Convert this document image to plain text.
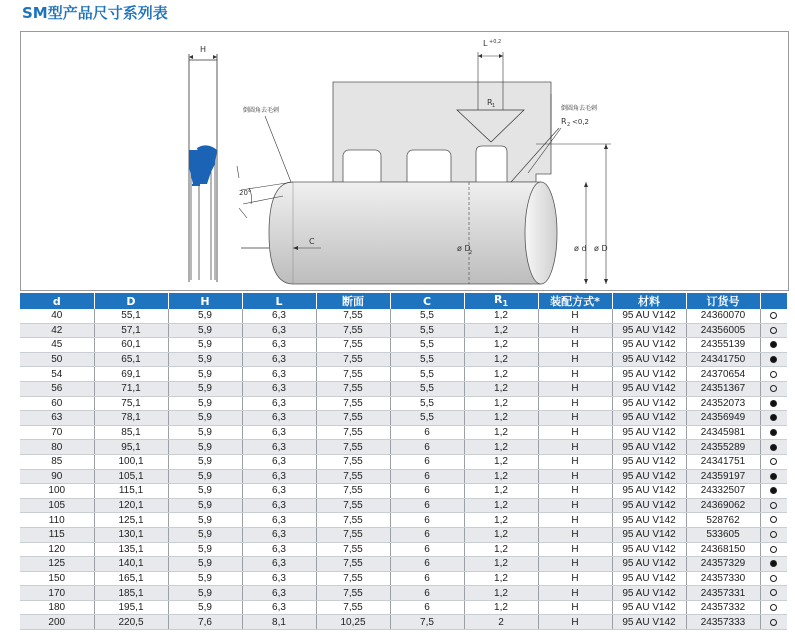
SM型产品尺寸系列表
H
L +0,2
R 1	倒圆角去毛刺
R 2 <0,2
倒圆角去毛刺
20°
C
ø D
2	ø d ø D
d	D	H	L	断面	C	$R_1$	装配方式*	材料	订货号	
40	55,1	5,9	6,3	7,55	5,5	1,2	H	95 AU V142	24360070	
42	57,1	5,9	6,3	7,55	5,5	1,2	H	95 AU V142	24356005	
45	60,1	5,9	6,3	7,55	5,5	1,2	H	95 AU V142	24355139	
50	65,1	5,9	6,3	7,55	5,5	1,2	H	95 AU V142	24341750	
54	69,1	5,9	6,3	7,55	5,5	1,2	H	95 AU V142	24370654	
56	71,1	5,9	6,3	7,55	5,5	1,2	H	95 AU V142	24351367	
60	75,1	5,9	6,3	7,55	5,5	1,2	H	95 AU V142	24352073	
63	78,1	5,9	6,3	7,55	5,5	1,2	H	95 AU V142	24356949	
70	85,1	5,9	6,3	7,55	6	1,2	H	95 AU V142	24345981	
80	95,1	5,9	6,3	7,55	6	1,2	H	95 AU V142	24355289	
85	100,1	5,9	6,3	7,55	6	1,2	H	95 AU V142	24341751	
90	105,1	5,9	6,3	7,55	6	1,2	H	95 AU V142	24359197	
100	115,1	5,9	6,3	7,55	6	1,2	H	95 AU V142	24332507	
105	120,1	5,9	6,3	7,55	6	1,2	H	95 AU V142	24369062	
110	125,1	5,9	6,3	7,55	6	1,2	H	95 AU V142	528762	
115	130,1	5,9	6,3	7,55	6	1,2	H	95 AU V142	533605	
120	135,1	5,9	6,3	7,55	6	1,2	H	95 AU V142	24368150	
125	140,1	5,9	6,3	7,55	6	1,2	H	95 AU V142	24357329	
150	165,1	5,9	6,3	7,55	6	1,2	H	95 AU V142	24357330	
170	185,1	5,9	6,3	7,55	6	1,2	H	95 AU V142	24357331	
180	195,1	5,9	6,3	7,55	6	1,2	H	95 AU V142	24357332	
200	220,5	7,6	8,1	10,25	7,5	2	H	95 AU V142	24357333	
